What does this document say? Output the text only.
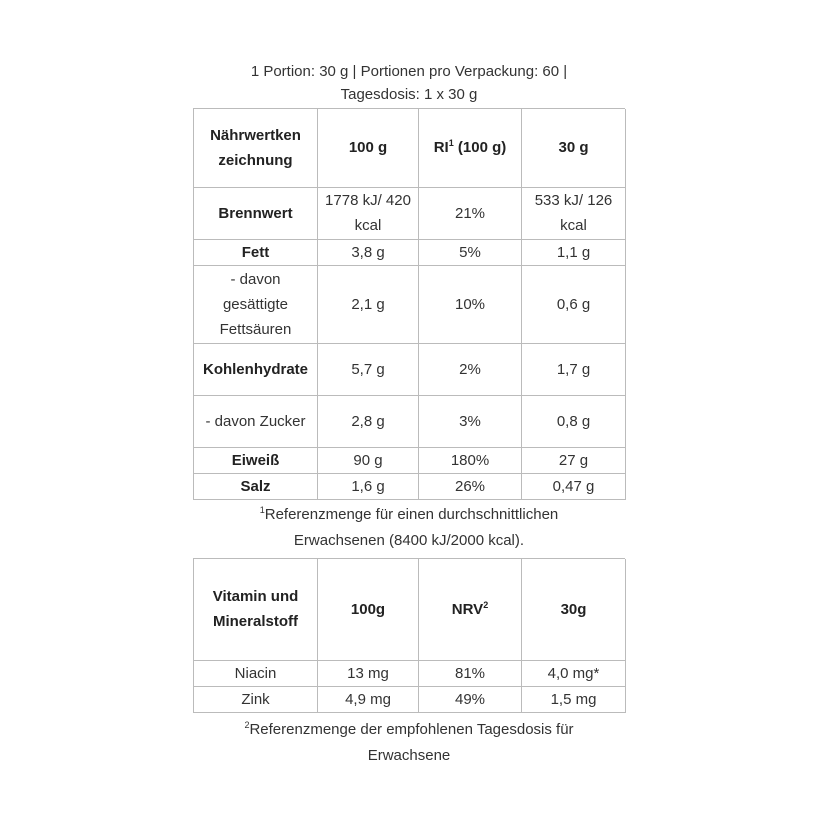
1 Portion: 30 g | Portionen pro Verpackung: 60 |
Tagesdosis: 1 x 30 g
Nährwertken zeichnung	100 g	$RI^1$ (100 g)	30 g
Brennwert	1778 kJ/ 420 kcal	21%	533 kJ/ 126 kcal
Fett	3,8 g	5%	1,1 g
- davon gesättigte Fettsäuren	2,1 g	10%	0,6 g
Kohlenhydrate	5,7 g	2%	1,7 g
- davon Zucker	2,8 g	3%	0,8 g
Eiweiß	90 g	180%	27 g
Salz	1,6 g	26%	0,47 g
$^1$Referenzmenge für einen durchschnittlichen Erwachsenen (8400 kJ/2000 kcal).
Vitamin und Mineralstoff	100g	NRV$^2$	30g
Niacin	13 mg	81%	4,0 mg*
Zink	4,9 mg	49%	1,5 mg
$^2$Referenzmenge der empfohlenen Tagesdosis für Erwachsene
